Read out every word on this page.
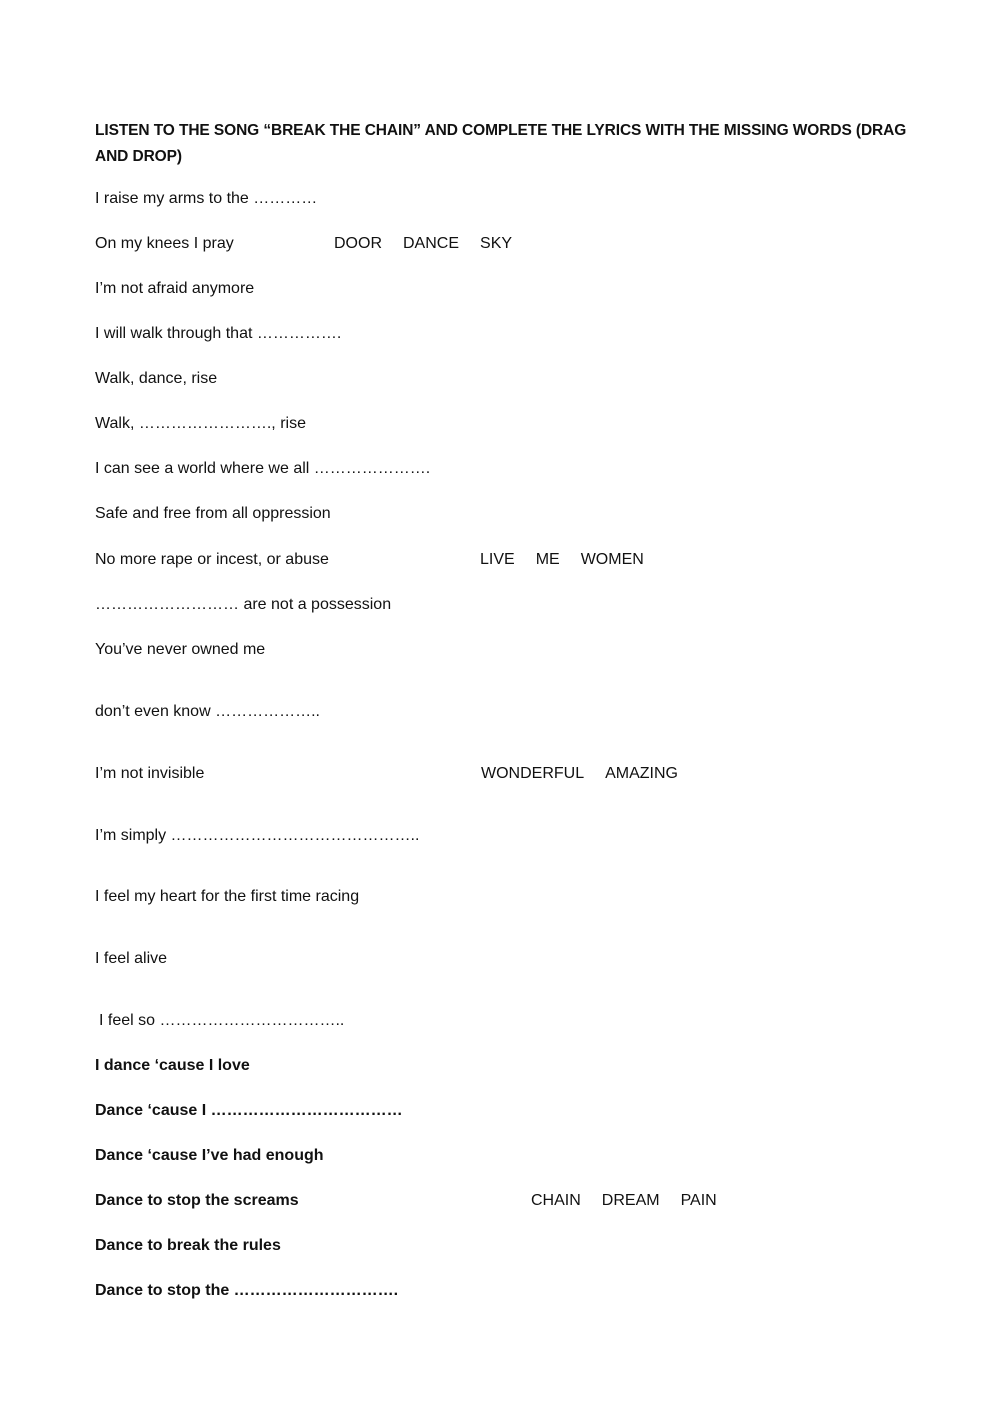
LISTEN TO THE SONG “BREAK THE CHAIN” AND COMPLETE THE LYRICS WITH THE MISSING WORDS (DRAG AND DROP)
I raise my arms to the …………
On my knees I pray
I’m not afraid anymore
I will walk through that …………….
Walk, dance, rise
Walk, ……………………., rise
I can see a world where we all ………………….
Safe and free from all oppression
No more rape or incest, or abuse
……………………… are not a possession
You’ve never owned me
don’t even know ………………..
I’m not invisible
I’m simply ………………………………………..
I feel my heart for the first time racing
I feel alive
I feel so ……………………………..
I dance ‘cause I love
Dance ‘cause I ………………………………
Dance ‘cause I’ve had enough
Dance to stop the screams
Dance to break the rules
Dance to stop the ………………………….
DOOR DANCE SKY
LIVE ME WOMEN
WONDERFUL AMAZING
CHAIN DREAM PAIN
